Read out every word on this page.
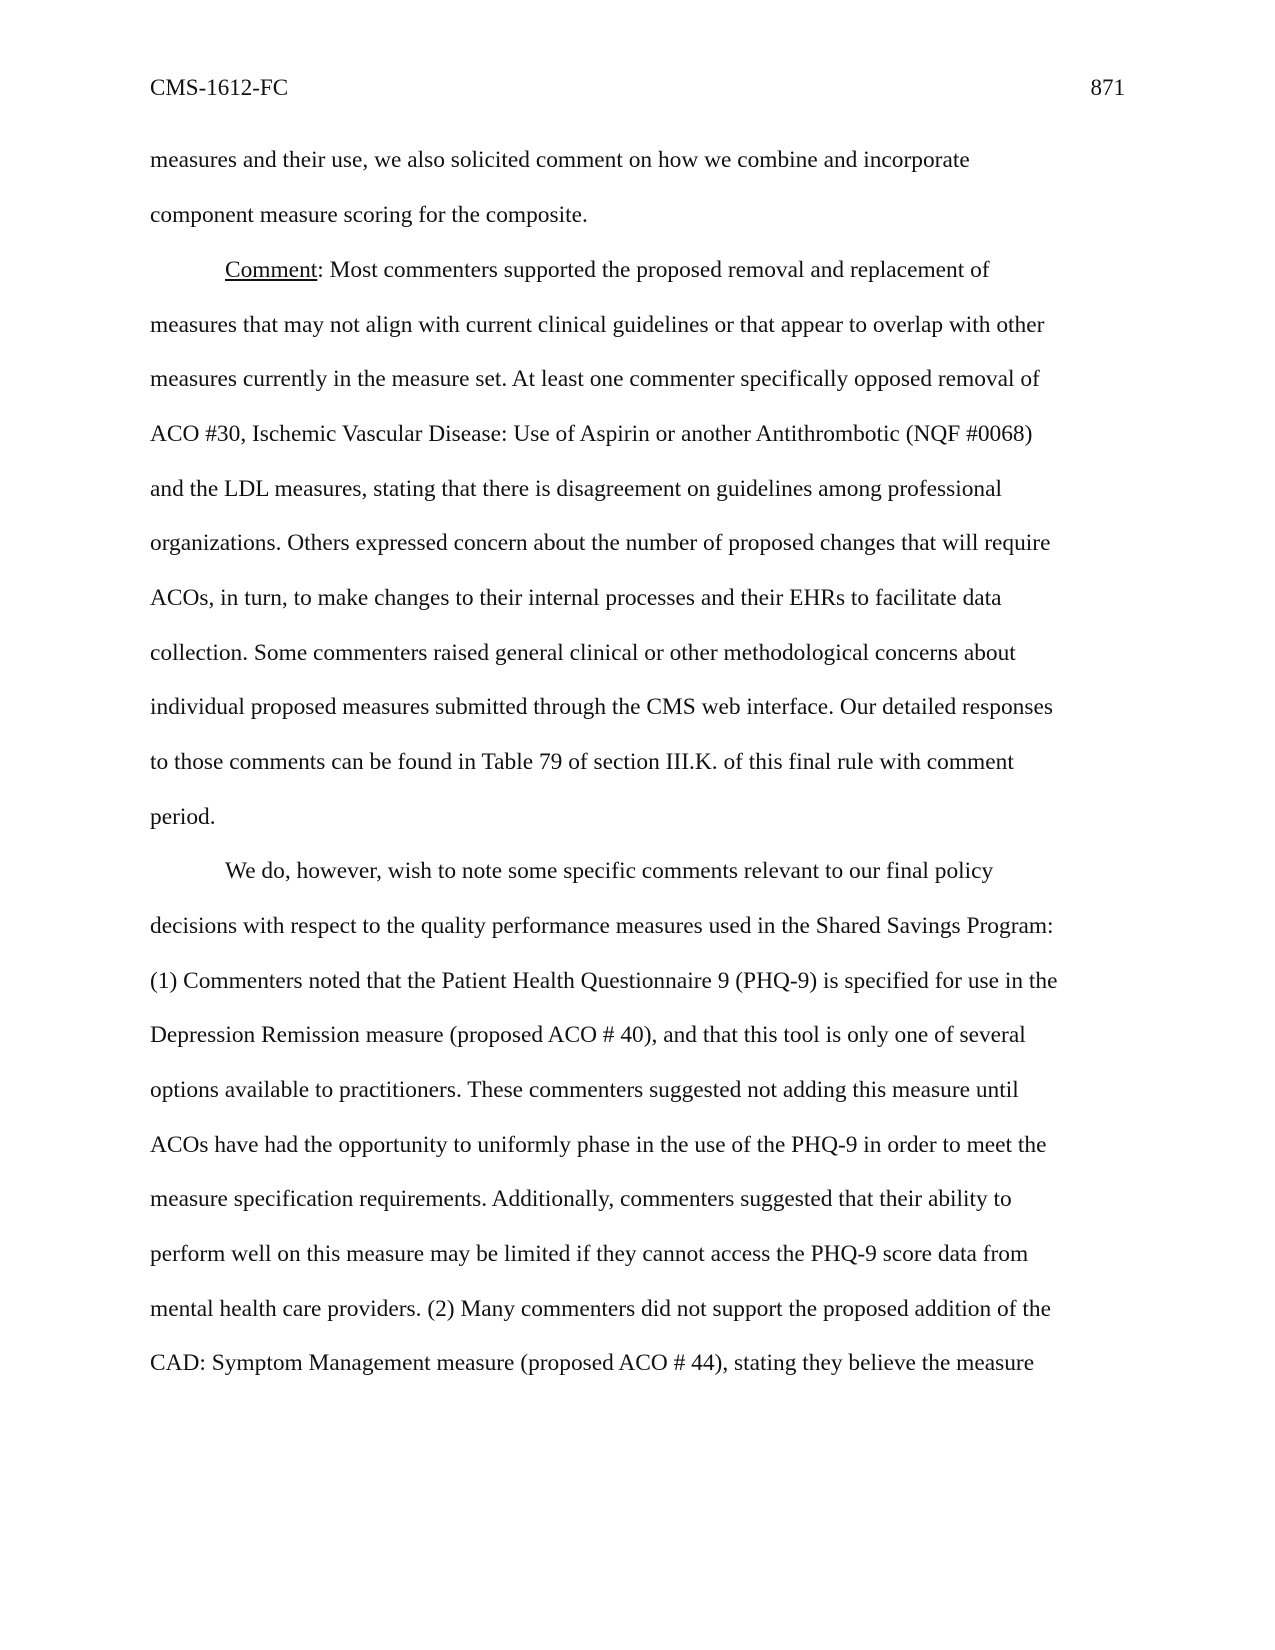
CMS-1612-FC	871
measures and their use, we also solicited comment on how we combine and incorporate
component measure scoring for the composite.
Comment: Most commenters supported the proposed removal and replacement of
measures that may not align with current clinical guidelines or that appear to overlap with other
measures currently in the measure set. At least one commenter specifically opposed removal of
ACO #30, Ischemic Vascular Disease: Use of Aspirin or another Antithrombotic (NQF #0068)
and the LDL measures, stating that there is disagreement on guidelines among professional
organizations. Others expressed concern about the number of proposed changes that will require
ACOs, in turn, to make changes to their internal processes and their EHRs to facilitate data
collection. Some commenters raised general clinical or other methodological concerns about
individual proposed measures submitted through the CMS web interface. Our detailed responses
to those comments can be found in Table 79 of section III.K. of this final rule with comment
period.
We do, however, wish to note some specific comments relevant to our final policy
decisions with respect to the quality performance measures used in the Shared Savings Program:
(1) Commenters noted that the Patient Health Questionnaire 9 (PHQ-9) is specified for use in the
Depression Remission measure (proposed ACO # 40), and that this tool is only one of several
options available to practitioners. These commenters suggested not adding this measure until
ACOs have had the opportunity to uniformly phase in the use of the PHQ-9 in order to meet the
measure specification requirements. Additionally, commenters suggested that their ability to
perform well on this measure may be limited if they cannot access the PHQ-9 score data from
mental health care providers. (2) Many commenters did not support the proposed addition of the
CAD: Symptom Management measure (proposed ACO # 44), stating they believe the measure
